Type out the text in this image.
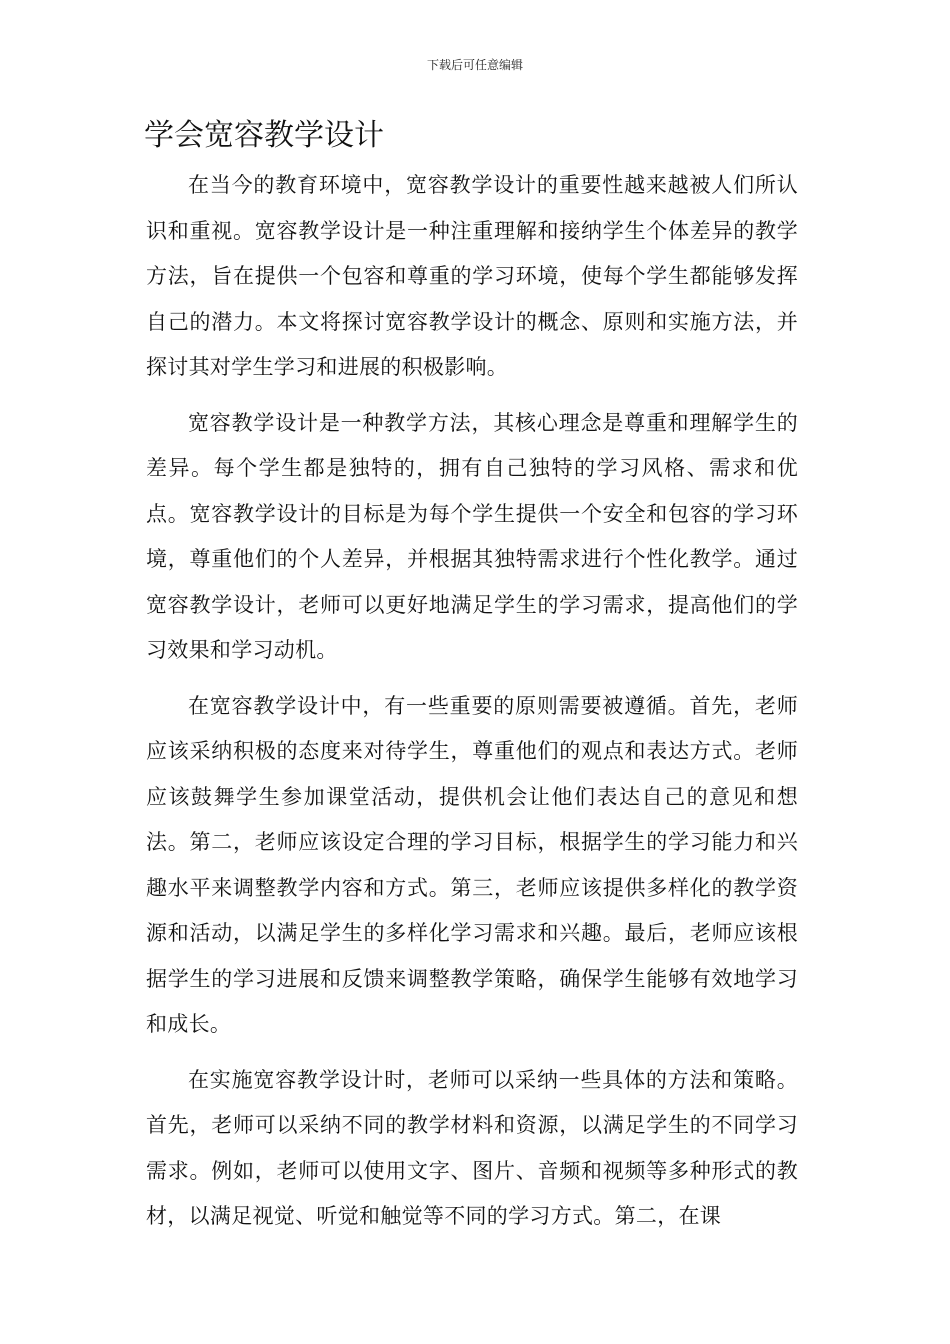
下载后可任意编辑
学会宽容教学设计

在当今的教育环境中，宽容教学设计的重要性越来越被人们所认识和重视。宽容教学设计是一种注重理解和接纳学生个体差异的教学方法，旨在提供一个包容和尊重的学习环境，使每个学生都能够发挥自己的潜力。本文将探讨宽容教学设计的概念、原则和实施方法，并探讨其对学生学习和进展的积极影响。

宽容教学设计是一种教学方法，其核心理念是尊重和理解学生的差异。每个学生都是独特的，拥有自己独特的学习风格、需求和优点。宽容教学设计的目标是为每个学生提供一个安全和包容的学习环境，尊重他们的个人差异，并根据其独特需求进行个性化教学。通过宽容教学设计，老师可以更好地满足学生的学习需求，提高他们的学习效果和学习动机。

在宽容教学设计中，有一些重要的原则需要被遵循。首先，老师应该采纳积极的态度来对待学生，尊重他们的观点和表达方式。老师应该鼓舞学生参加课堂活动，提供机会让他们表达自己的意见和想法。第二，老师应该设定合理的学习目标，根据学生的学习能力和兴趣水平来调整教学内容和方式。第三，老师应该提供多样化的教学资源和活动，以满足学生的多样化学习需求和兴趣。最后，老师应该根据学生的学习进展和反馈来调整教学策略，确保学生能够有效地学习和成长。

在实施宽容教学设计时，老师可以采纳一些具体的方法和策略。首先，老师可以采纳不同的教学材料和资源，以满足学生的不同学习需求。例如，老师可以使用文字、图片、音频和视频等多种形式的教材，以满足视觉、听觉和触觉等不同的学习方式。第二，在课
